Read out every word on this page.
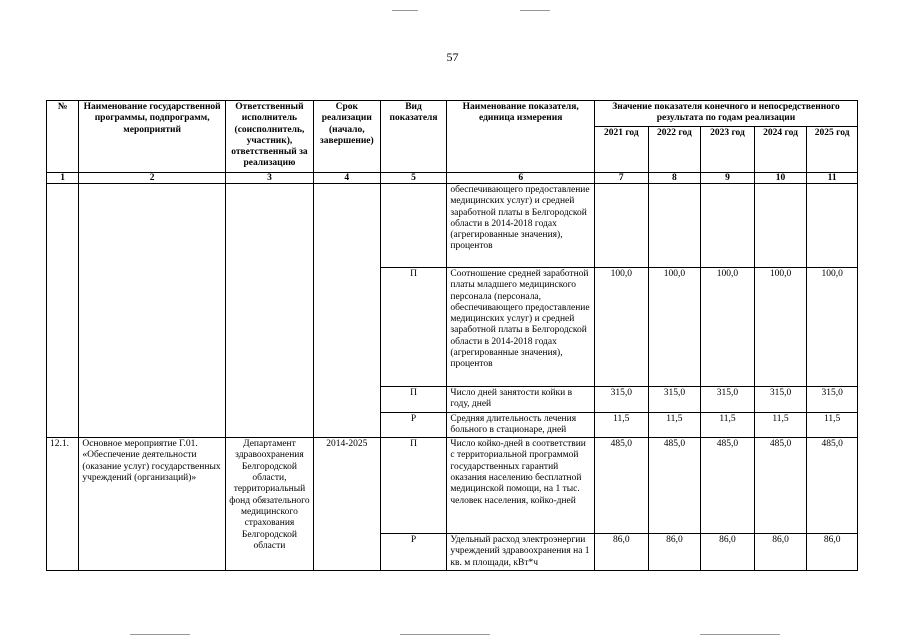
57
№	Наименование государственной программы, подпрограмм, мероприятий	Ответственный исполнитель (соисполнитель, участник), ответственный за реализацию	Срок реализации (начало, завершение)	Вид показателя	Наименование показателя, единица измерения	Значение показателя конечного и непосредственного результата по годам реализации				
						2021 год	2022 год	2023 год	2024 год	2025 год
1	2	3	4	5	6	7	8	9	10	11
					обеспечивающего предоставление медицинских услуг) и средней заработной платы в Белгородской области в 2014-2018 годах (агрегированные значения), процентов					
				П	Соотношение средней заработной платы младшего медицинского персонала (персонала, обеспечивающего предоставление медицинских услуг) и средней заработной платы в Белгородской области в 2014-2018 годах (агрегированные значения), процентов	100,0	100,0	100,0	100,0	100,0
				П	Число дней занятости койки в году, дней	315,0	315,0	315,0	315,0	315,0
				Р	Средняя длительность лечения больного в стационаре, дней	11,5	11,5	11,5	11,5	11,5
12.1.	Основное мероприятие Г.01. «Обеспечение деятельности (оказание услуг) государственных учреждений (организаций)»	Департамент здравоохранения Белгородской области, территориальный фонд обязательного медицинского страхования Белгородской области	2014-2025	П	Число койко-дней в соответствии с территориальной программой государственных гарантий оказания населению бесплатной медицинской помощи, на 1 тыс. человек населения, койко-дней	485,0	485,0	485,0	485,0	485,0
				Р	Удельный расход электроэнергии учреждений здравоохранения на 1 кв. м площади, кВт*ч	86,0	86,0	86,0	86,0	86,0
